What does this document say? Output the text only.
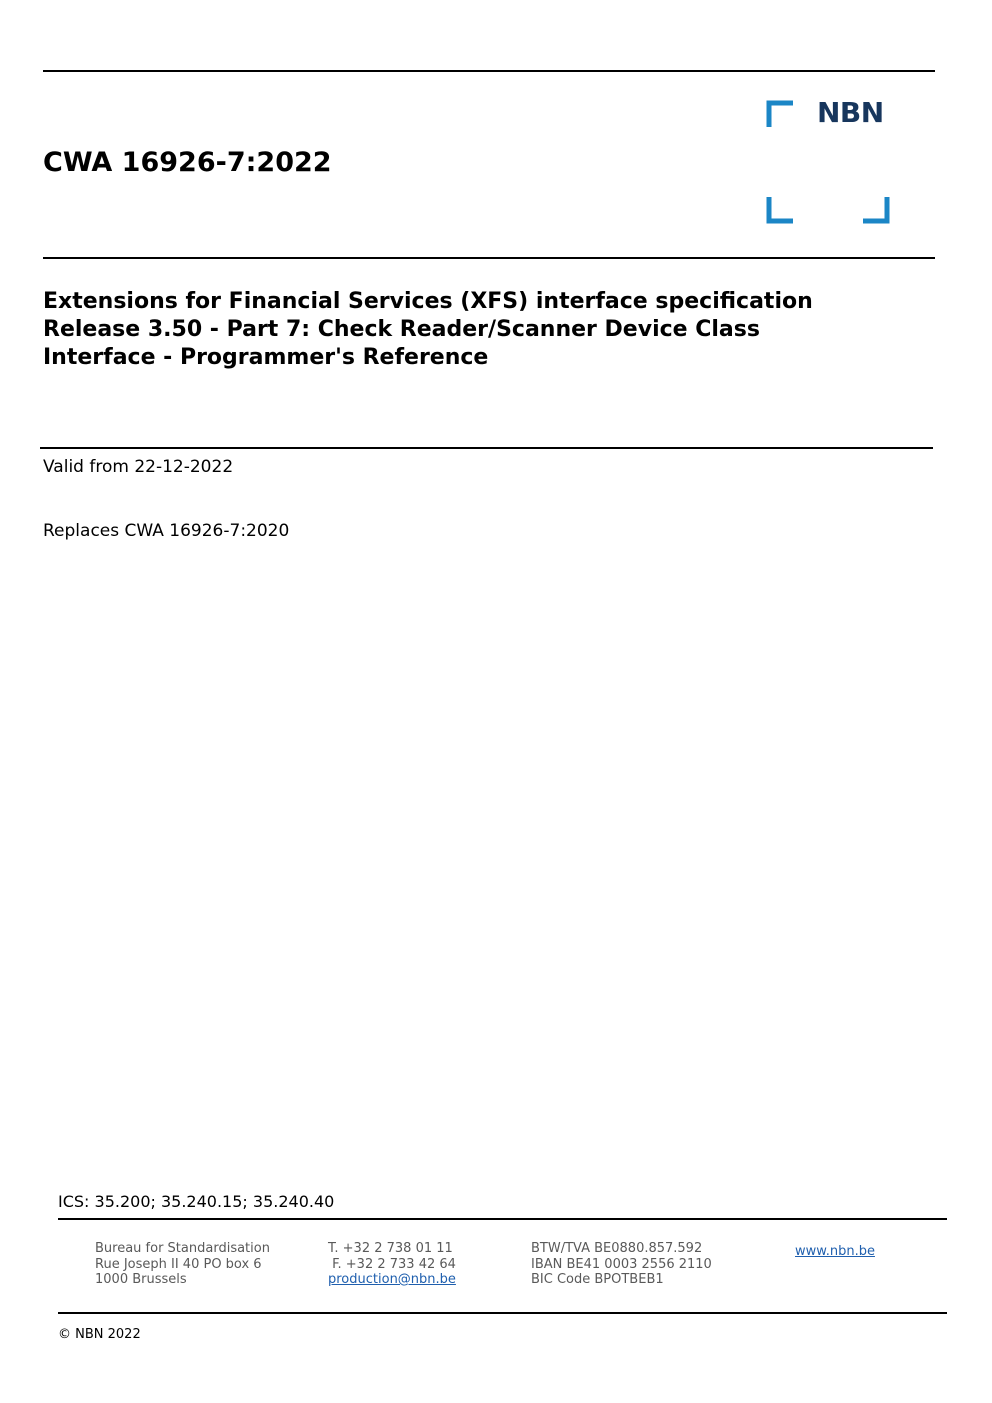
CWA 16926-7:2022
NBN
Extensions for Financial Services (XFS) interface specification
Release 3.50 - Part 7: Check Reader/Scanner Device Class
Interface - Programmer's Reference
Valid from 22-12-2022
Replaces CWA 16926-7:2020
ICS: 35.200; 35.240.15; 35.240.40
Bureau for Standardisation
Rue Joseph II 40 PO box 6
1000 Brussels
T. +32 2 738 01 11
F. +32 2 733 42 64
production@nbn.be
BTW/TVA BE0880.857.592
IBAN BE41 0003 2556 2110
BIC Code BPOTBEB1
www.nbn.be
© NBN 2022
